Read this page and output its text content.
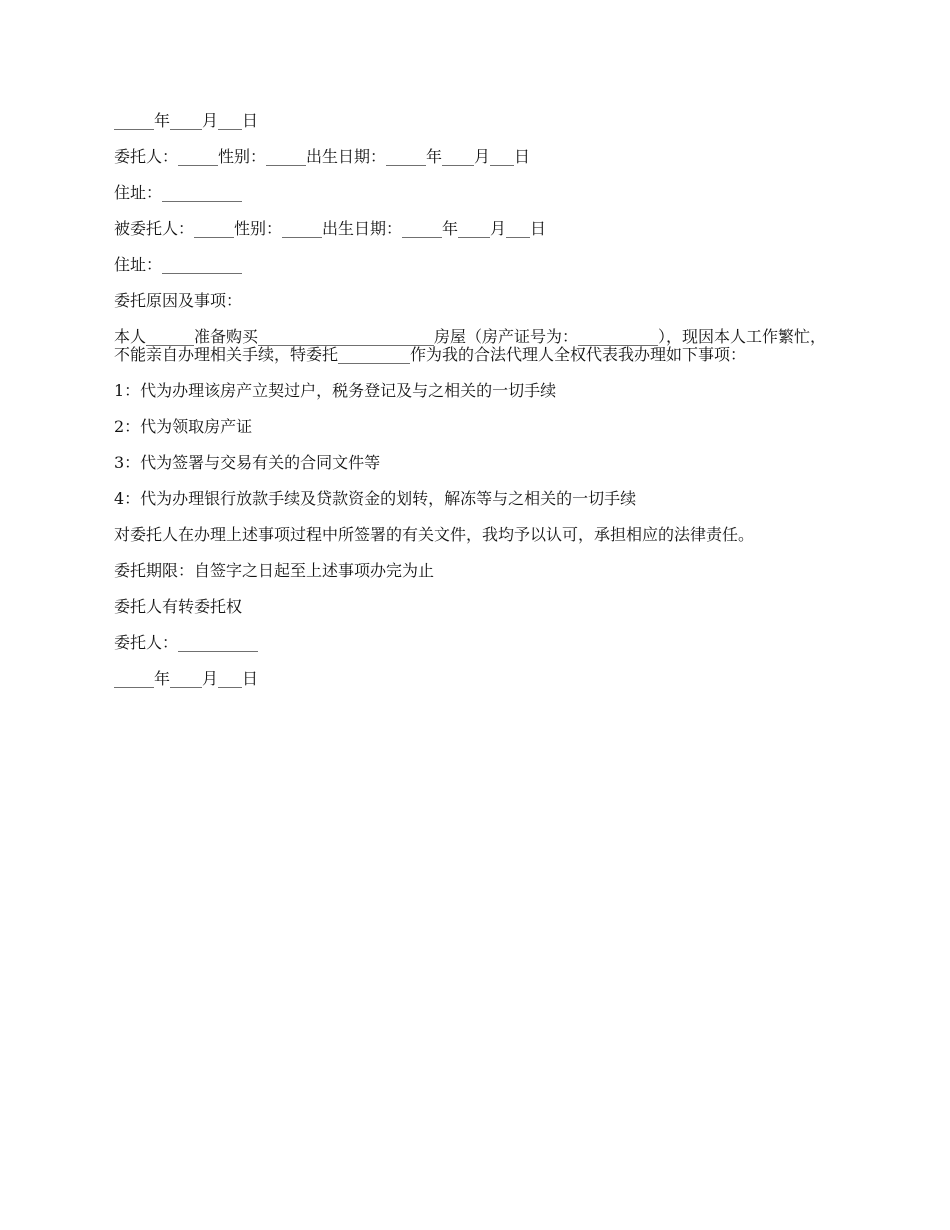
_____年____月___日

委托人：_____性别：_____出生日期：_____年____月___日

住址：__________

被委托人：_____性别：_____出生日期：_____年____月___日

住址：__________

委托原因及事项：

本人______准备购买______________________房屋（房产证号为：__________），现因本人工作繁忙，不能亲自办理相关手续，特委托_________作为我的合法代理人全权代表我办理如下事项：

1：代为办理该房产立契过户，税务登记及与之相关的一切手续

2：代为领取房产证

3：代为签署与交易有关的合同文件等

4：代为办理银行放款手续及贷款资金的划转，解冻等与之相关的一切手续

对委托人在办理上述事项过程中所签署的有关文件，我均予以认可，承担相应的法律责任。

委托期限：自签字之日起至上述事项办完为止

委托人有转委托权

委托人：__________

_____年____月___日
